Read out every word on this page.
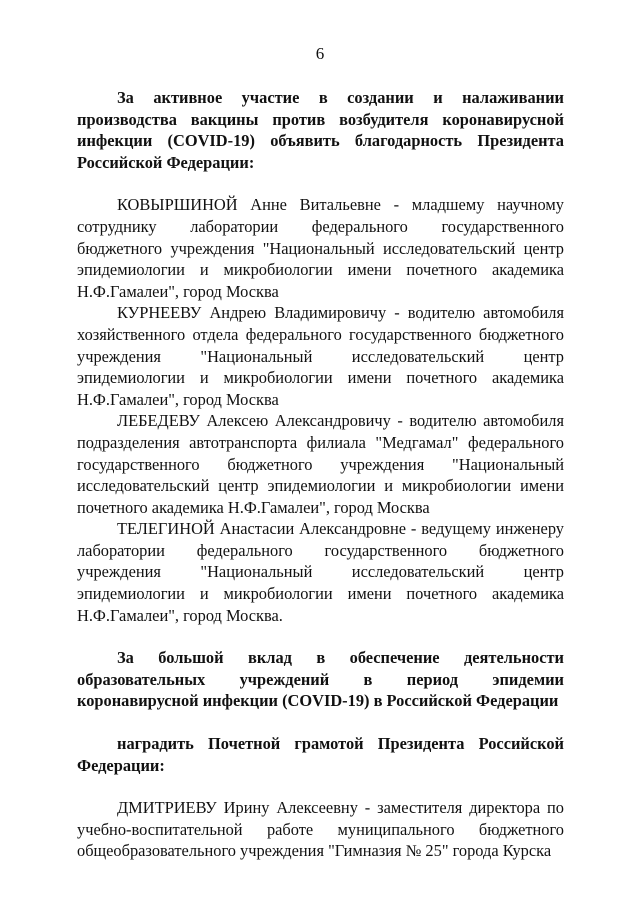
6

За активное участие в создании и налаживании производства вакцины против возбудителя коронавирусной инфекции (COVID-19) объявить благодарность Президента Российской Федерации:

КОВЫРШИНОЙ Анне Витальевне - младшему научному сотруднику лаборатории федерального государственного бюджетного учреждения "Национальный исследовательский центр эпидемиологии и микробиологии имени почетного академика Н.Ф.Гамалеи", город Москва

КУРНЕЕВУ Андрею Владимировичу - водителю автомобиля хозяйственного отдела федерального государственного бюджетного учреждения "Национальный исследовательский центр эпидемиологии и микробиологии имени почетного академика Н.Ф.Гамалеи", город Москва

ЛЕБЕДЕВУ Алексею Александровичу - водителю автомобиля подразделения автотранспорта филиала "Медгамал" федерального государственного бюджетного учреждения "Национальный исследовательский центр эпидемиологии и микробиологии имени почетного академика Н.Ф.Гамалеи", город Москва

ТЕЛЕГИНОЙ Анастасии Александровне - ведущему инженеру лаборатории федерального государственного бюджетного учреждения "Национальный исследовательский центр эпидемиологии и микробиологии имени почетного академика Н.Ф.Гамалеи", город Москва.

За большой вклад в обеспечение деятельности образовательных учреждений в период эпидемии коронавирусной инфекции (COVID-19) в Российской Федерации

наградить Почетной грамотой Президента Российской Федерации:

ДМИТРИЕВУ Ирину Алексеевну - заместителя директора по учебно-воспитательной работе муниципального бюджетного общеобразовательного учреждения "Гимназия № 25" города Курска
